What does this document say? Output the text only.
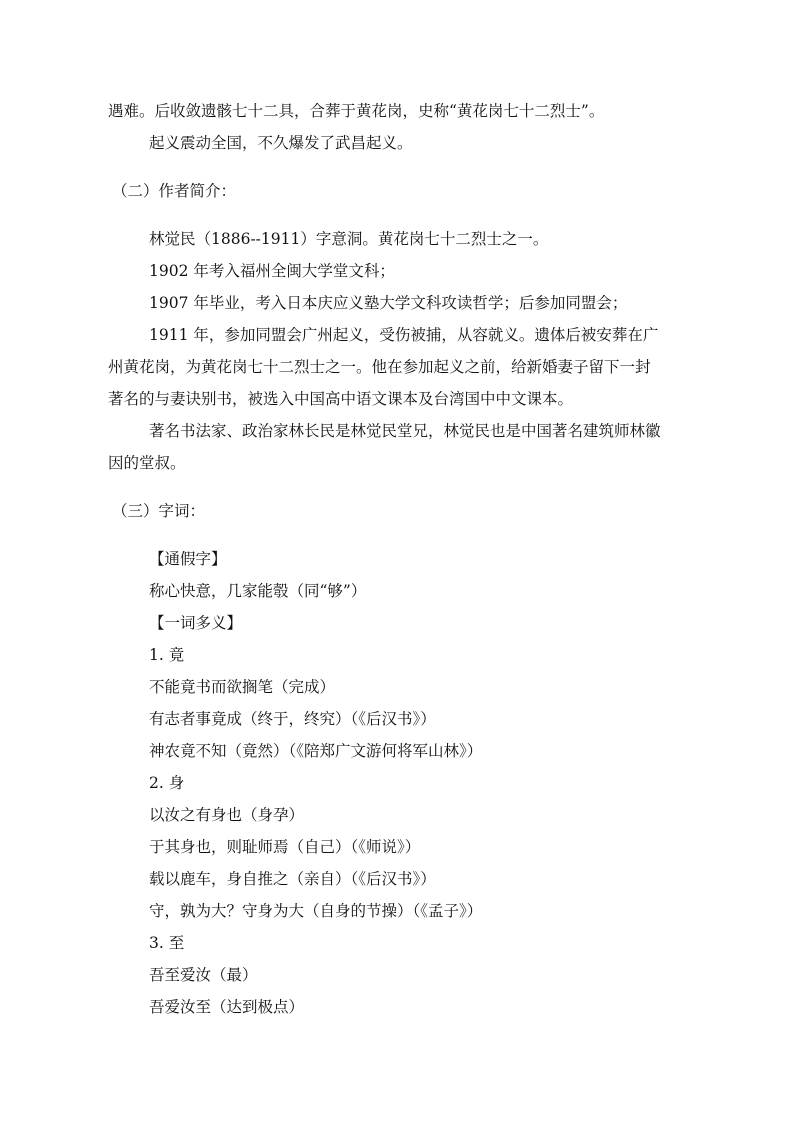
遇难。后收敛遗骸七十二具，合葬于黄花岗，史称“黄花岗七十二烈士”。

起义震动全国，不久爆发了武昌起义。

（二）作者简介：

林觉民（1886--1911）字意洞。黄花岗七十二烈士之一。

1902 年考入福州全闽大学堂文科；

1907 年毕业，考入日本庆应义塾大学文科攻读哲学；后参加同盟会；

1911 年，参加同盟会广州起义，受伤被捕，从容就义。遗体后被安葬在广

州黄花岗，为黄花岗七十二烈士之一。他在参加起义之前，给新婚妻子留下一封

著名的与妻诀别书，被选入中国高中语文课本及台湾国中中文课本。

著名书法家、政治家林长民是林觉民堂兄，林觉民也是中国著名建筑师林徽

因的堂叔。

（三）字词：

【通假字】

称心快意，几家能彀（同“够”）

【一词多义】

1. 竟

不能竟书而欲搁笔（完成）

有志者事竟成（终于，终究）（《后汉书》）

神农竟不知（竟然）（《陪郑广文游何将军山林》）

2. 身

以汝之有身也（身孕）

于其身也，则耻师焉（自己）（《师说》）

载以鹿车，身自推之（亲自）（《后汉书》）

守，孰为大？守身为大（自身的节操）（《孟子》）

3. 至

吾至爱汝（最）

吾爱汝至（达到极点）
